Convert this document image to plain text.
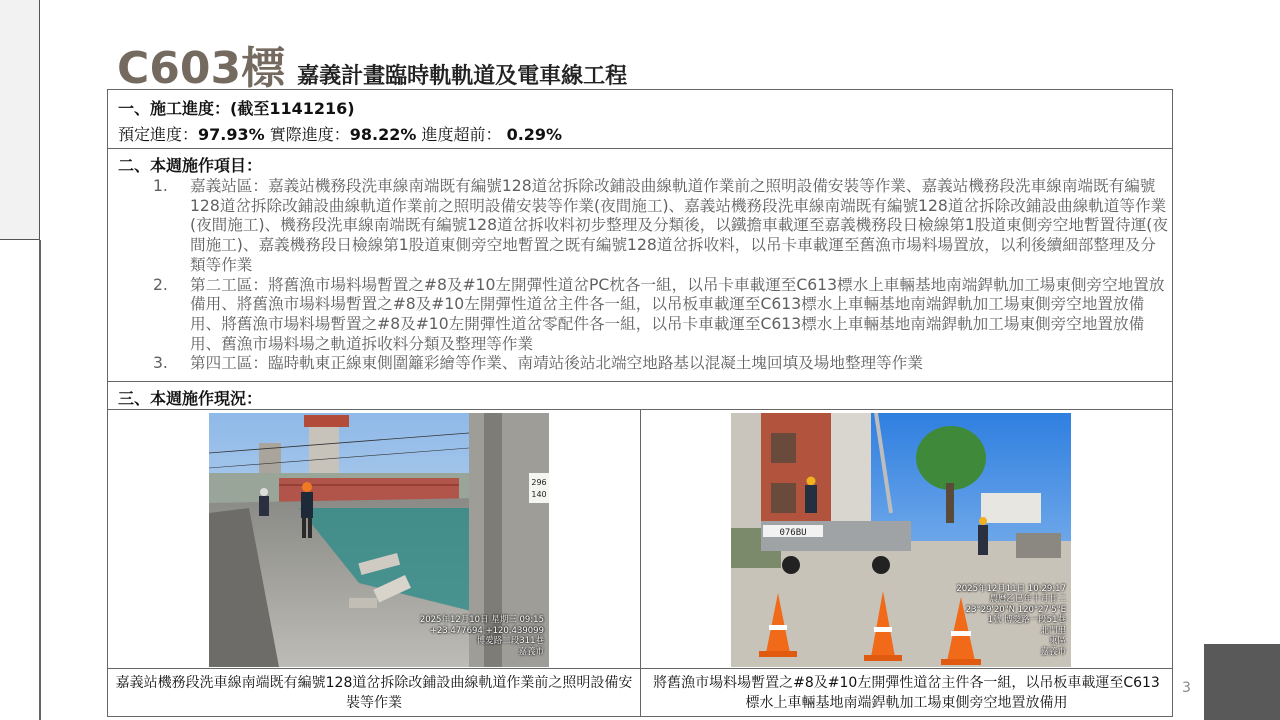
C603標 嘉義計畫臨時軌軌道及電車線工程
一、施工進度：(截至1141216)
預定進度：97.93% 實際進度：98.22% 進度超前： 0.29%
二、本週施作項目：
1. 嘉義站區：嘉義站機務段洗車線南端既有編號128道岔拆除改鋪設曲線軌道作業前之照明設備安裝等作業、嘉義站機務段洗車線南端既有編號128道岔拆除改鋪設曲線軌道作業前之照明設備安裝等作業(夜間施工)、嘉義站機務段洗車線南端既有編號128道岔拆除改鋪設曲線軌道等作業(夜間施工)、機務段洗車線南端既有編號128道岔拆收料初步整理及分類後，以鐵擔車載運至嘉義機務段日檢線第1股道東側旁空地暫置待運(夜間施工)、嘉義機務段日檢線第1股道東側旁空地暫置之既有編號128道岔拆收料，以吊卡車載運至舊漁市場料場置放，以利後續細部整理及分類等作業
2. 第二工區：將舊漁市場料場暫置之#8及#10左開彈性道岔PC枕各一組，以吊卡車載運至C613標水上車輛基地南端銲軌加工場東側旁空地置放備用、將舊漁市場料場暫置之#8及#10左開彈性道岔主件各一組，以吊板車載運至C613標水上車輛基地南端銲軌加工場東側旁空地置放備用、將舊漁市場料場暫置之#8及#10左開彈性道岔零配件各一組，以吊卡車載運至C613標水上車輛基地南端銲軌加工場東側旁空地置放備用、舊漁市場料場之軌道拆收料分類及整理等作業
3. 第四工區：臨時軌東正線東側圍籬彩繪等作業、南靖站後站北端空地路基以混凝土塊回填及場地整理等作業
三、本週施作現況：
296
140
2025年12月10日 星期三 09:15
+23.477694 +120.439099
博愛路二段311巷
嘉義市
076BU
2025年12月11日 10:29:17
農曆乙巳年十月廿二
23°29'20"N 120°27'5"E
1號 博愛路一段51巷
北門里
東區
嘉義市
嘉義站機務段洗車線南端既有編號128道岔拆除改鋪設曲線軌道作業前之照明設備安裝等作業
將舊漁市場料場暫置之#8及#10左開彈性道岔主件各一組，以吊板車載運至C613標水上車輛基地南端銲軌加工場東側旁空地置放備用
3
